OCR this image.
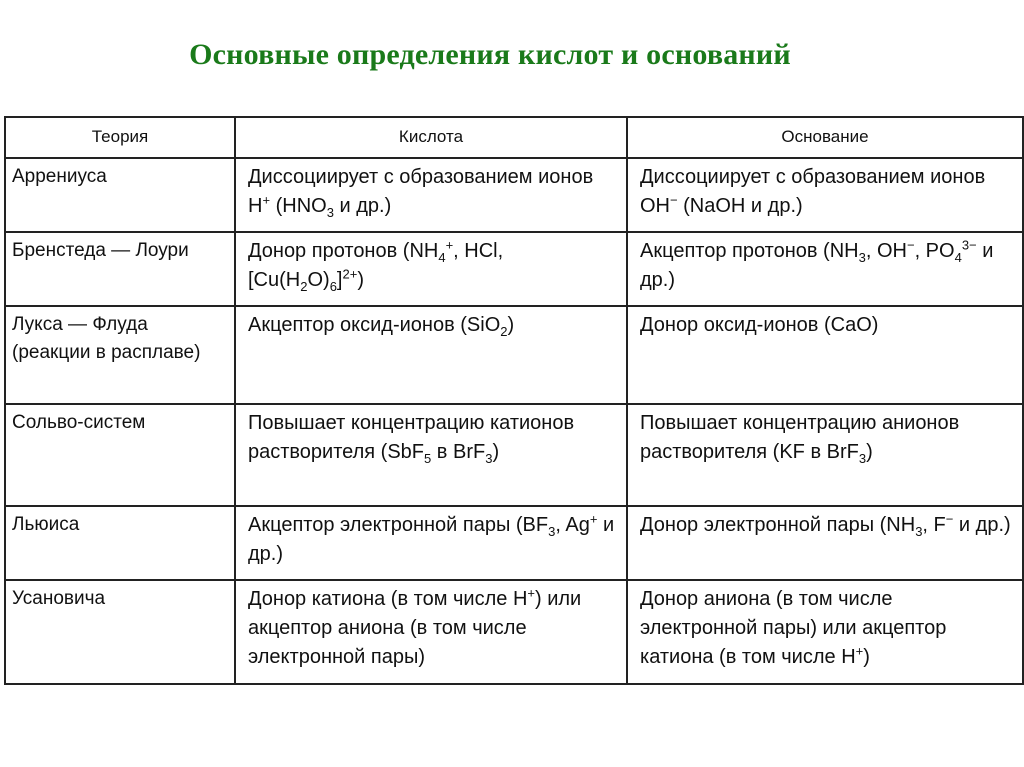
Основные определения кислот и оснований
Теория	Кислота	Основание
Аррениуса	Диссоциирует с образованием ионов H+ ($HNO_3$ и др.)	Диссоциирует с образованием ионов OH− (NaOH и др.)
Бренстеда — Лоури	Донор протонов ($NH_4^+$, HCl, $[Cu(H_2O)_6]^{2+}$)	Акцептор протонов ($NH_3$, OH−, $PO_4^{3-}$ и др.)
Лукса — Флуда (реакции в расплаве)	Акцептор оксид-ионов (SiO$_2$)	Донор оксид-ионов (CaO)
Сольво-систем	Повышает концентрацию катионов растворителя (SbF$_5$ в BrF$_3$)	Повышает концентрацию анионов растворителя (KF в BrF$_3$)
Льюиса	Акцептор электронной пары ($BF_3$, Ag+ и др.)	Донор электронной пары ($NH_3$, F− и др.)
Усановича	Донор катиона (в том числе H+) или акцептор аниона (в том числе электронной пары)	Донор аниона (в том числе электронной пары) или акцептор катиона (в том числе H+)
